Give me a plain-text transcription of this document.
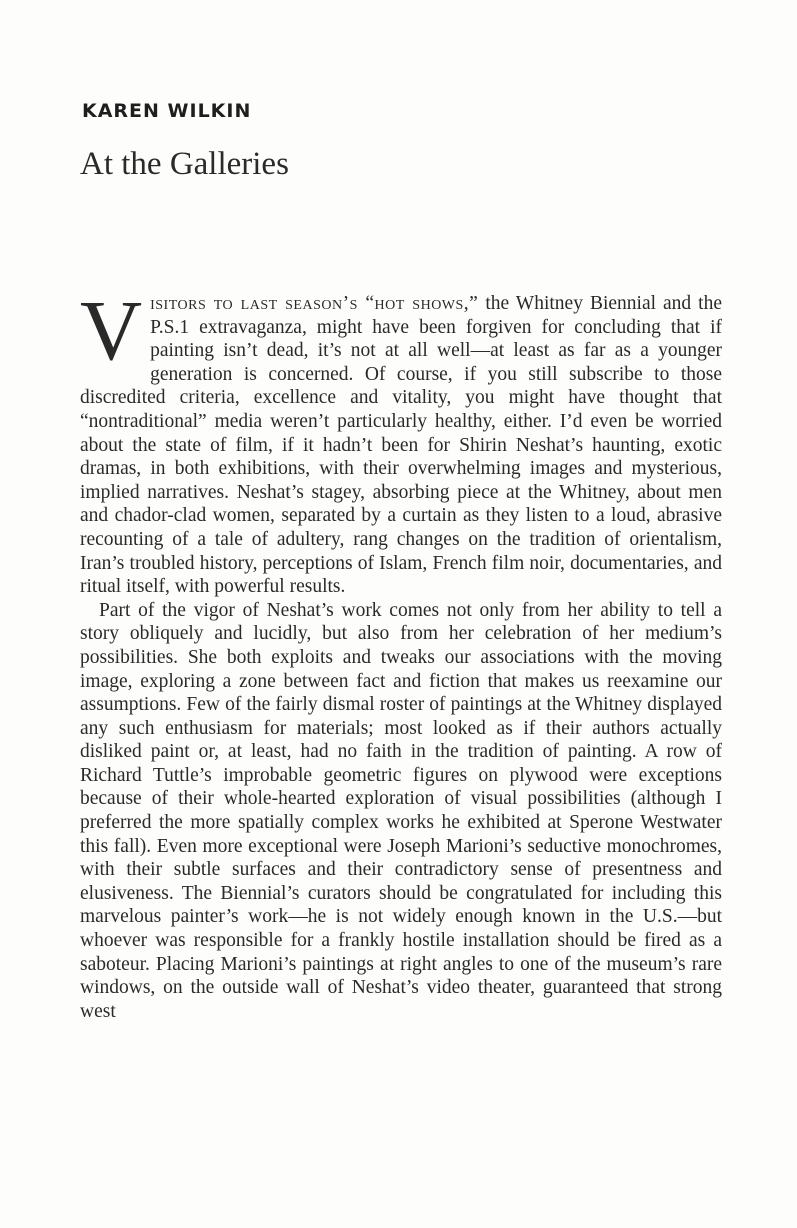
KAREN WILKIN
At the Galleries

Visitors to last season’s “hot shows,” the Whitney Biennial and the P.S.1 extravaganza, might have been forgiven for concluding that if painting isn’t dead, it’s not at all well—at least as far as a younger generation is concerned. Of course, if you still subscribe to those discredited criteria, excellence and vitality, you might have thought that “nontraditional” media weren’t particularly healthy, either. I’d even be worried about the state of film, if it hadn’t been for Shirin Neshat’s haunting, exotic dramas, in both exhibitions, with their overwhelming images and mysterious, implied narratives. Neshat’s stagey, absorbing piece at the Whitney, about men and chador-clad women, separated by a curtain as they listen to a loud, abrasive recounting of a tale of adultery, rang changes on the tradition of orientalism, Iran’s troubled history, perceptions of Islam, French film noir, documentaries, and ritual itself, with powerful results.

Part of the vigor of Neshat’s work comes not only from her ability to tell a story obliquely and lucidly, but also from her celebration of her medium’s possibilities. She both exploits and tweaks our associations with the moving image, exploring a zone between fact and fiction that makes us reexamine our assumptions. Few of the fairly dismal roster of paintings at the Whitney displayed any such enthusiasm for materials; most looked as if their authors actually disliked paint or, at least, had no faith in the tradition of painting. A row of Richard Tuttle’s improbable geometric figures on plywood were exceptions because of their whole-hearted exploration of visual possibilities (although I preferred the more spatially complex works he exhibited at Sperone Westwater this fall). Even more exceptional were Joseph Marioni’s seductive monochromes, with their subtle surfaces and their contradictory sense of presentness and elusiveness. The Biennial’s curators should be congratulated for including this marvelous painter’s work—he is not widely enough known in the U.S.—but whoever was responsible for a frankly hostile installation should be fired as a saboteur. Placing Marioni’s paintings at right angles to one of the museum’s rare windows, on the outside wall of Neshat’s video theater, guaranteed that strong west
